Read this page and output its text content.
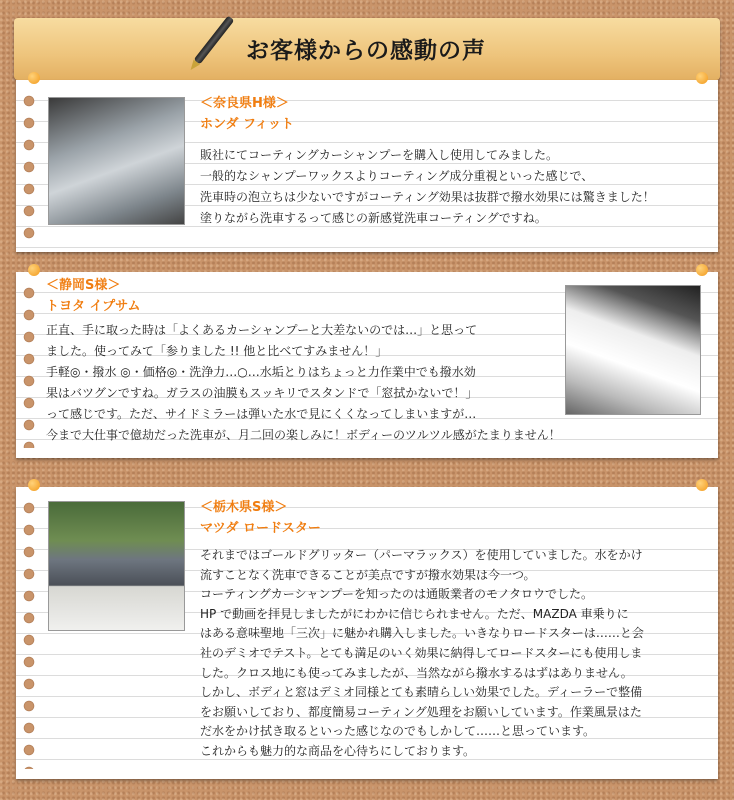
お客様からの感動の声
＜奈良県H様＞
ホンダ フィット
販社にてコーティングカーシャンプーを購入し使用してみました。
一般的なシャンプーワックスよりコーティング成分重視といった感じで、
洗車時の泡立ちは少ないですがコーティング効果は抜群で撥水効果には驚きました！
塗りながら洗車するって感じの新感覚洗車コーティングですね。
＜静岡S様＞
トヨタ イプサム
正直、手に取った時は「よくあるカーシャンプーと大差ないのでは…」と思って
ました。使ってみて「参りました !! 他と比べてすみません！」
手軽◎・撥水 ◎・価格◎・洗浄力…○…水垢とりはちょっと力作業中でも撥水効
果はバツグンですね。ガラスの油膜もスッキリでスタンドで「窓拭かないで！」
って感じです。ただ、サイドミラーは弾いた水で見にくくなってしまいますが…
今まで大仕事で億劫だった洗車が、月二回の楽しみに！ボディーのツルツル感がたまりません！
＜栃木県S様＞
マツダ ロードスター
それまではゴールドグリッター（パーマラックス）を使用していました。水をかけ
流すことなく洗車できることが美点ですが撥水効果は今一つ。
コーティングカーシャンプーを知ったのは通販業者のモノタロウでした。
HP で動画を拝見しましたがにわかに信じられません。ただ、MAZDA 車乗りに
はある意味聖地「三次」に魅かれ購入しました。いきなりロードスターは……と会
社のデミオでテスト。とても満足のいく効果に納得してロードスターにも使用しま
した。クロス地にも使ってみましたが、当然ながら撥水するはずはありません。
しかし、ボディと窓はデミオ同様とても素晴らしい効果でした。ディーラーで整備
をお願いしており、都度簡易コーティング処理をお願いしています。作業風景はた
だ水をかけ拭き取るといった感じなのでもしかして……と思っています。
これからも魅力的な商品を心待ちにしております。
